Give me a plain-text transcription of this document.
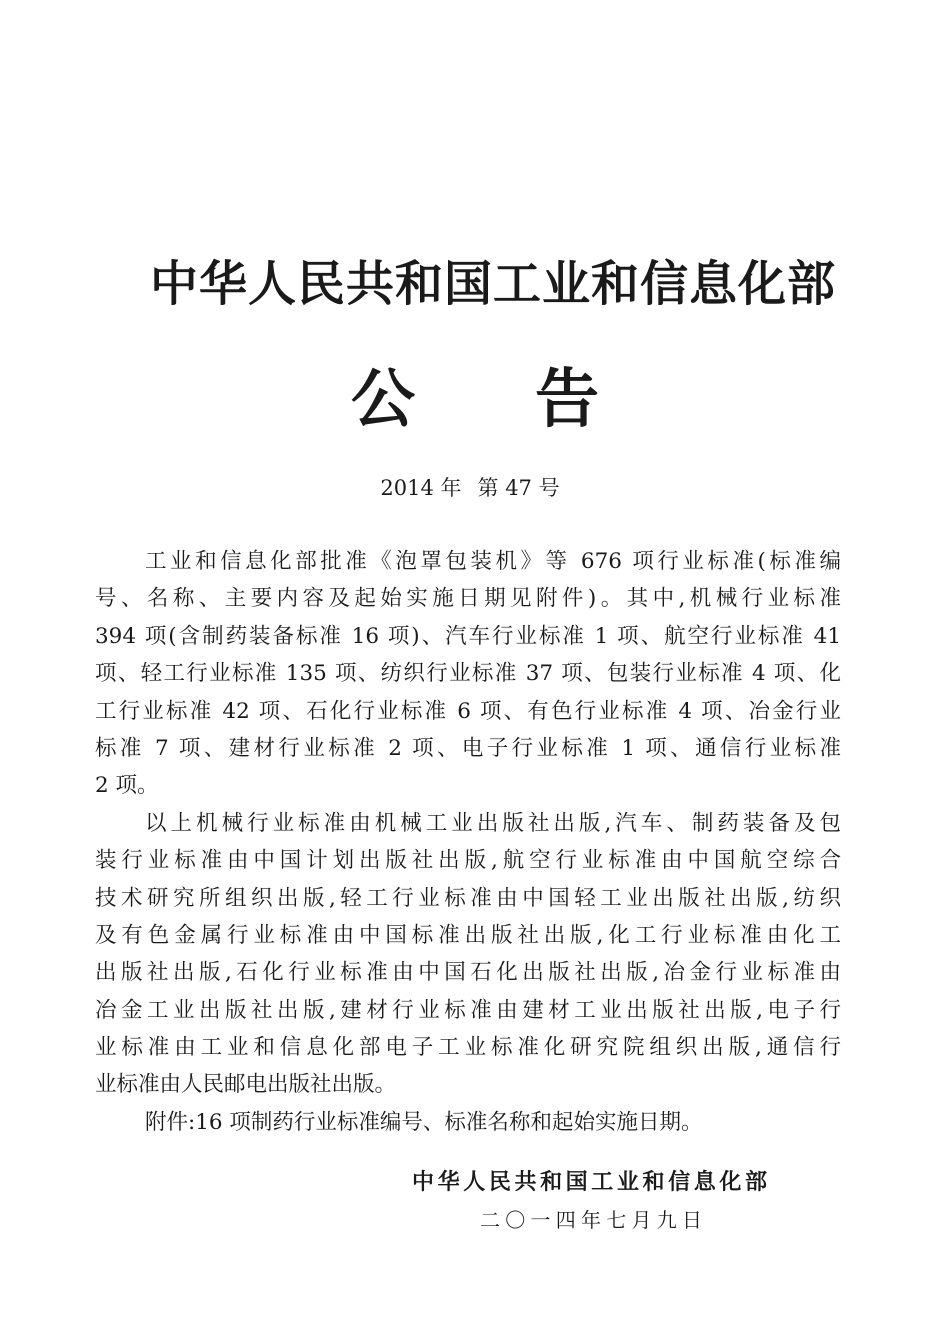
中华人民共和国工业和信息化部
公 告
2014 年 第 47 号
工业和信息化部批准《泡罩包装机》等 676 项行业标准(标准编
号、名称、主要内容及起始实施日期见附件)。其中,机械行业标准
394 项(含制药装备标准 16 项)、汽车行业标准 1 项、航空行业标准 41
项、轻工行业标准 135 项、纺织行业标准 37 项、包装行业标准 4 项、化
工行业标准 42 项、石化行业标准 6 项、有色行业标准 4 项、冶金行业
标准 7 项、建材行业标准 2 项、电子行业标准 1 项、通信行业标准
2 项。
以上机械行业标准由机械工业出版社出版,汽车、制药装备及包
装行业标准由中国计划出版社出版,航空行业标准由中国航空综合
技术研究所组织出版,轻工行业标准由中国轻工业出版社出版,纺织
及有色金属行业标准由中国标准出版社出版,化工行业标准由化工
出版社出版,石化行业标准由中国石化出版社出版,冶金行业标准由
冶金工业出版社出版,建材行业标准由建材工业出版社出版,电子行
业标准由工业和信息化部电子工业标准化研究院组织出版,通信行
业标准由人民邮电出版社出版。
附件:16 项制药行业标准编号、标准名称和起始实施日期。
中华人民共和国工业和信息化部
二〇一四年七月九日
